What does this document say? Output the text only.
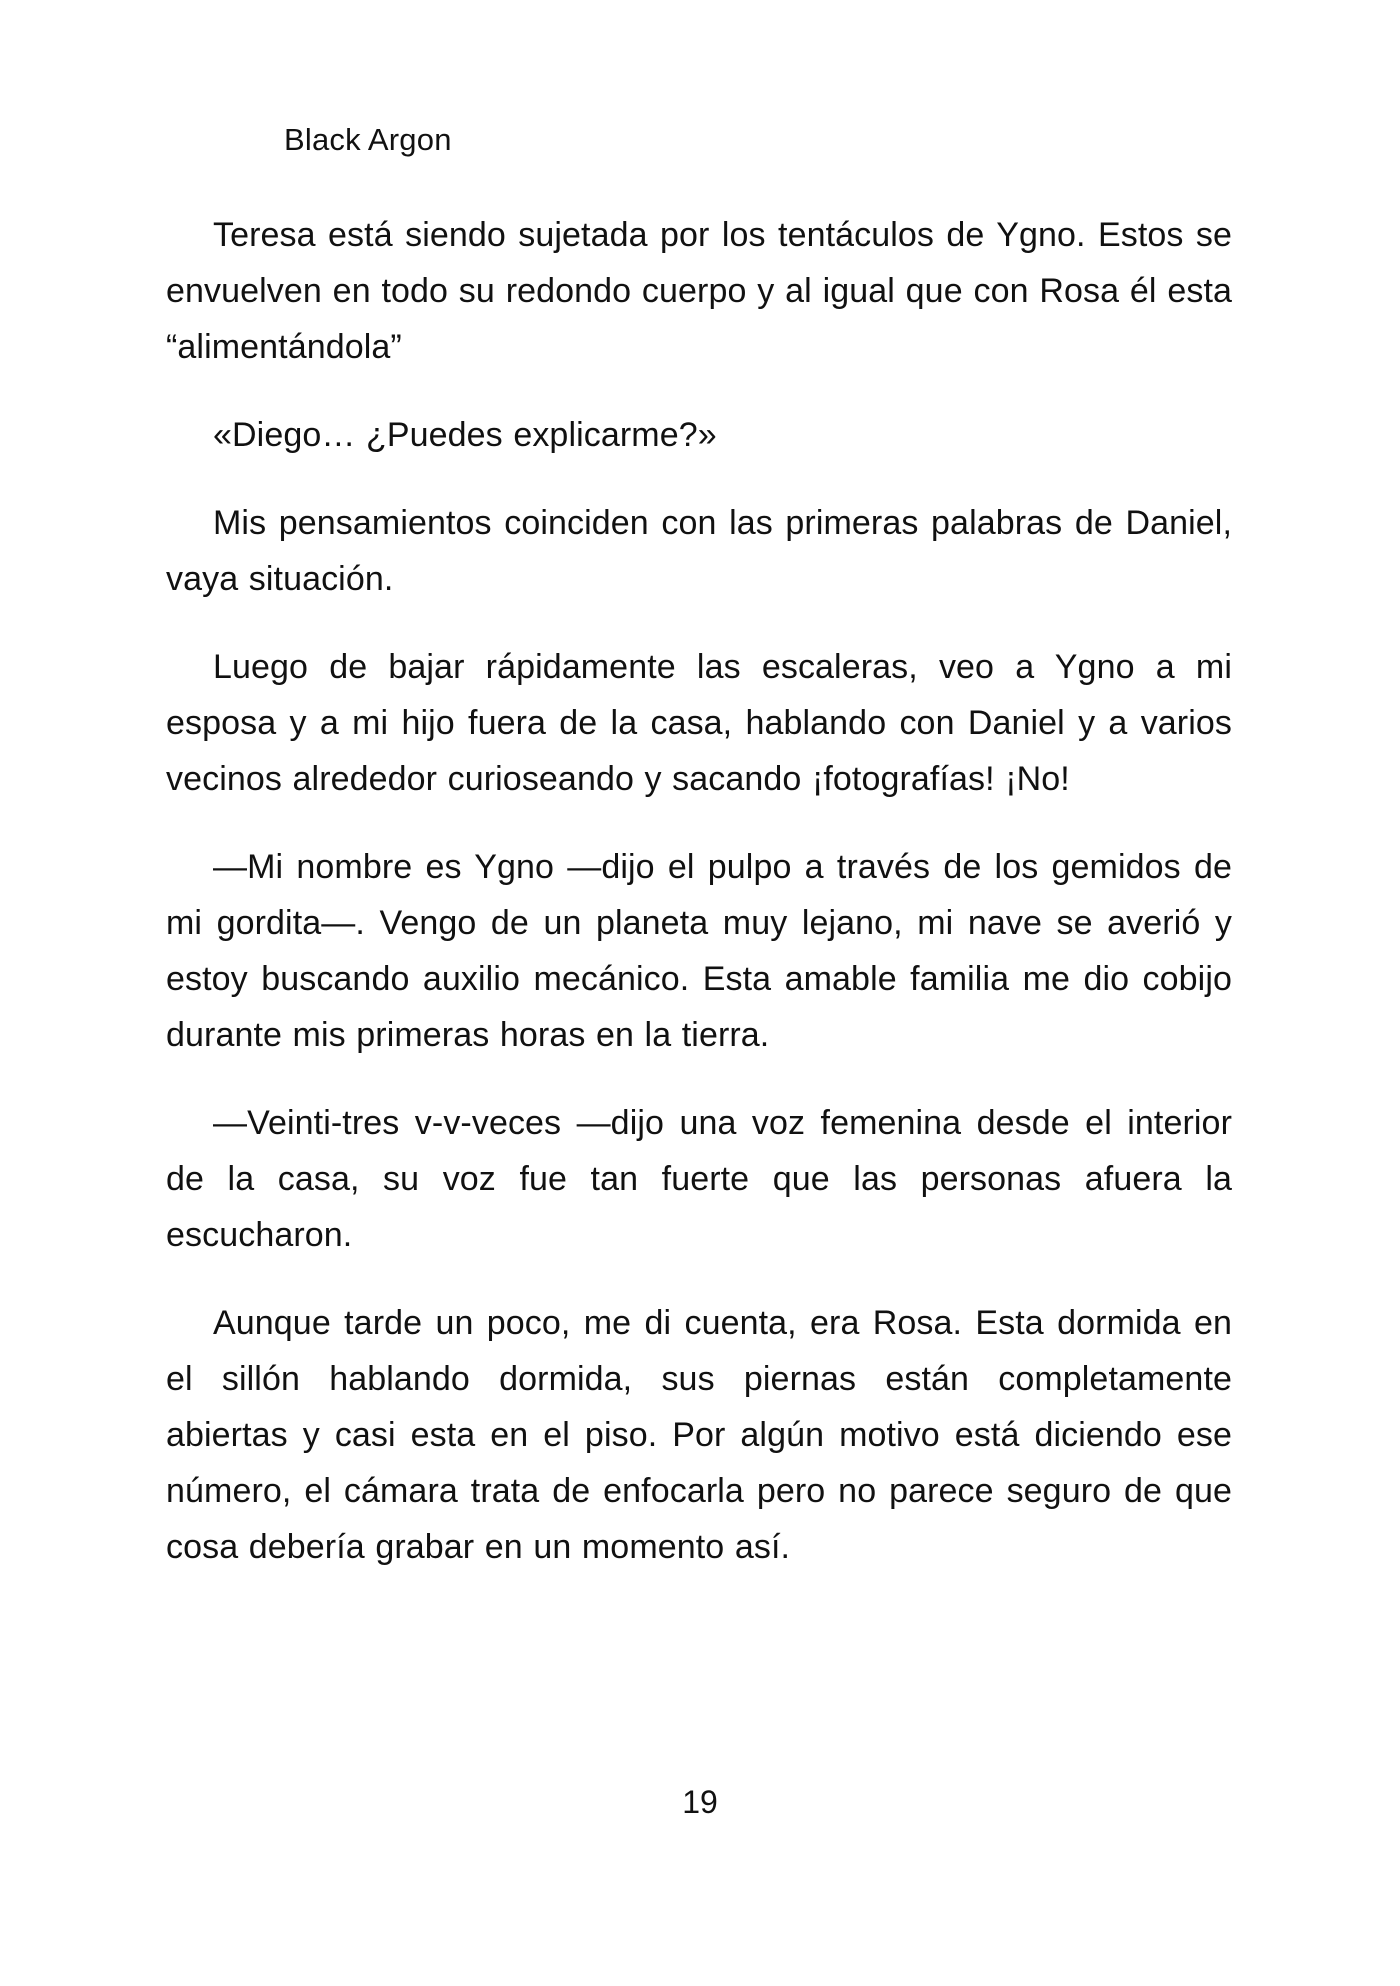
Black Argon

Teresa está siendo sujetada por los tentáculos de Ygno. Estos se envuelven en todo su redondo cuerpo y al igual que con Rosa él esta “alimentándola”

«Diego… ¿Puedes explicarme?»

Mis pensamientos coinciden con las primeras palabras de Daniel, vaya situación.

Luego de bajar rápidamente las escaleras, veo a Ygno a mi esposa y a mi hijo fuera de la casa, hablando con Daniel y a varios vecinos alrededor curioseando y sacando ¡fotografías! ¡No!

—Mi nombre es Ygno —dijo el pulpo a través de los gemidos de mi gordita—. Vengo de un planeta muy lejano, mi nave se averió y estoy buscando auxilio mecánico. Esta amable familia me dio cobijo durante mis primeras horas en la tierra.

—Veinti-tres v-v-veces —dijo una voz femenina desde el interior de la casa, su voz fue tan fuerte que las personas afuera la escucharon.

Aunque tarde un poco, me di cuenta, era Rosa. Esta dormida en el sillón hablando dormida, sus piernas están completamente abiertas y casi esta en el piso. Por algún motivo está diciendo ese número, el cámara trata de enfocarla pero no parece seguro de que cosa debería grabar en un momento así.

19
